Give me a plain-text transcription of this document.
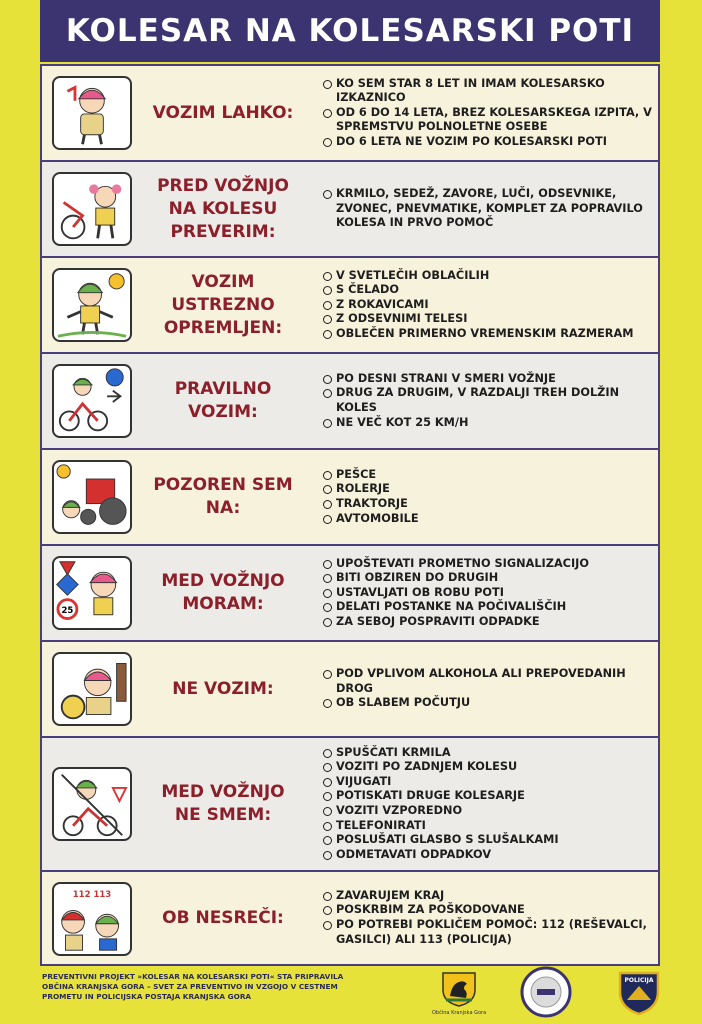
KOLESAR NA KOLESARSKI POTI
VOZIM LAHKO:
KO SEM STAR 8 LET IN IMAM KOLESARSKO IZKAZNICO
OD 6 DO 14 LETA, BREZ KOLESARSKEGA IZPITA, V SPREMSTVU POLNOLETNE OSEBE
DO 6 LETA NE VOZIM PO KOLESARSKI POTI
PRED VOŽNJO
NA KOLESU
PREVERIM:
KRMILO, SEDEŽ, ZAVORE, LUČI, ODSEVNIKE, ZVONEC, PNEVMATIKE, KOMPLET ZA POPRAVILO KOLESA IN PRVO POMOČ
VOZIM
USTREZNO
OPREMLJEN:
V SVETLEČIH OBLAČILIH
S ČELADO
Z ROKAVICAMI
Z ODSEVNIMI TELESI
OBLEČEN PRIMERNO VREMENSKIM RAZMERAM
PRAVILNO
VOZIM:
PO DESNI STRANI V SMERI VOŽNJE
DRUG ZA DRUGIM, V RAZDALJI TREH DOLŽIN KOLES
NE VEČ KOT 25 KM/H
POZOREN SEM
NA:
PEŠCE
ROLERJE
TRAKTORJE
AVTOMOBILE
25
MED VOŽNJO
MORAM:
UPOŠTEVATI PROMETNO SIGNALIZACIJO
BITI OBZIREN DO DRUGIH
USTAVLJATI OB ROBU POTI
DELATI POSTANKE NA POČIVALIŠČIH
ZA SEBOJ POSPRAVITI ODPADKE
NE VOZIM:
POD VPLIVOM ALKOHOLA ALI PREPOVEDANIH DROG
OB SLABEM POČUTJU
MED VOŽNJO
NE SMEM:
SPUŠČATI KRMILA
VOZITI PO ZADNJEM KOLESU
VIJUGATI
POTISKATI DRUGE KOLESARJE
VOZITI VZPOREDNO
TELEFONIRATI
POSLUŠATI GLASBO S SLUŠALKAMI
ODMETAVATI ODPADKOV
112 113
OB NESREČI:
ZAVARUJEM KRAJ
POSKRBIM ZA POŠKODOVANE
PO POTREBI POKLIČEM POMOČ: 112 (REŠEVALCI, GASILCI) ALI 113 (POLICIJA)
PREVENTIVNI PROJEKT »KOLESAR NA KOLESARSKI POTI« STA PRIPRAVILA
OBČINA KRANJSKA GORA – SVET ZA PREVENTIVO IN VZGOJO V CESTNEM
PROMETU IN POLICIJSKA POSTAJA KRANJSKA GORA
Občina Kranjska Gora
POLICIJA
